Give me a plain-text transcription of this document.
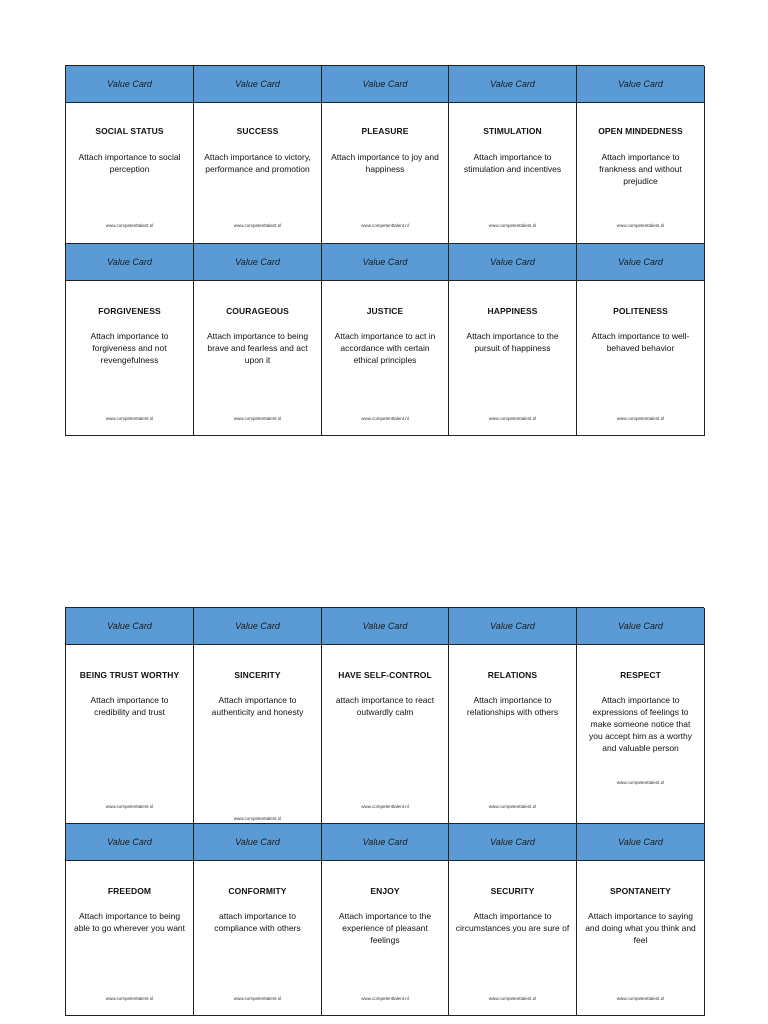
Value Card
SOCIAL STATUS
Attach importance to social perception
www.competenttalent.nl
Value Card
SUCCESS
Attach importance to victory, performance and promotion
www.competenttalent.nl
Value Card
PLEASURE
Attach importance to joy and happiness
www.competenttalent.nl
Value Card
STIMULATION
Attach importance to stimulation and incentives
www.competenttalent.nl
Value Card
OPEN MINDEDNESS
Attach importance to frankness and without prejudice
www.competenttalent.nl
Value Card
FORGIVENESS
Attach importance to forgiveness and not revengefulness
www.competenttalent.nl
Value Card
COURAGEOUS
Attach importance to being brave and fearless and act upon it
www.competenttalent.nl
Value Card
JUSTICE
Attach importance to act in accordance with certain ethical principles
www.competenttalent.nl
Value Card
HAPPINESS
Attach importance to the pursuit of happiness
www.competenttalent.nl
Value Card
POLITENESS
Attach importance to well-behaved behavior
www.competenttalent.nl
Value Card
BEING TRUST WORTHY
Attach importance to credibility and trust
www.competenttalent.nl
Value Card
SINCERITY
Attach importance to authenticity and honesty
www.competenttalent.nl
Value Card
HAVE SELF-CONTROL
attach importance to react outwardly calm
www.competenttalent.nl
Value Card
RELATIONS
Attach importance to relationships with others
www.competenttalent.nl
Value Card
RESPECT
Attach importance to expressions of feelings to make someone notice that you accept him as a worthy and valuable person
www.competenttalent.nl
Value Card
FREEDOM
Attach importance to being able to go wherever you want
www.competenttalent.nl
Value Card
CONFORMITY
attach importance to compliance with others
www.competenttalent.nl
Value Card
ENJOY
Attach importance to the experience of pleasant feelings
www.competenttalent.nl
Value Card
SECURITY
Attach importance to circumstances you are sure of
www.competenttalent.nl
Value Card
SPONTANEITY
Attach importance to saying and doing what you think and feel
www.competenttalent.nl
